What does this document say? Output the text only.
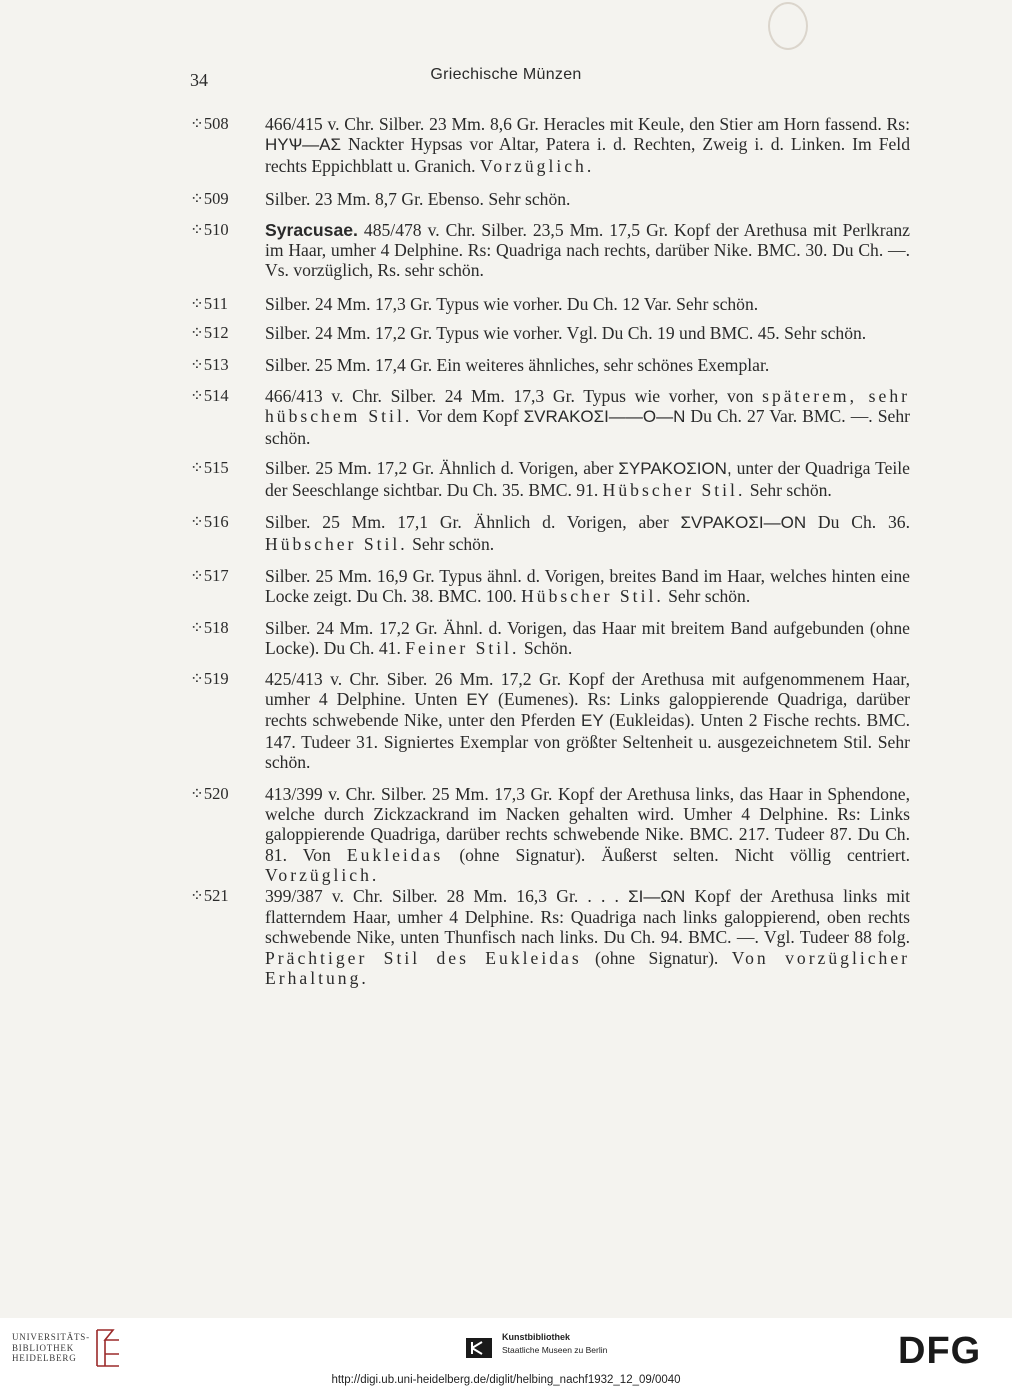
34	Griechische Münzen
⁘508 466/415 v. Chr. Silber. 23 Mm. 8,6 Gr. Heracles mit Keule, den Stier am Horn fassend. Rs: HYѰ—AΣ Nackter Hypsas vor Altar, Patera i. d. Rechten, Zweig i. d. Linken. Im Feld rechts Eppichblatt u. Granich. Vorzüglich.
⁘509 Silber. 23 Mm. 8,7 Gr. Ebenso. Sehr schön.
⁘510 Syracusae. 485/478 v. Chr. Silber. 23,5 Mm. 17,5 Gr. Kopf der Arethusa mit Perlkranz im Haar, umher 4 Delphine. Rs: Quadriga nach rechts, darüber Nike. BMC. 30. Du Ch. —. Vs. vorzüglich, Rs. sehr schön.
⁘511 Silber. 24 Mm. 17,3 Gr. Typus wie vorher. Du Ch. 12 Var. Sehr schön.
⁘512 Silber. 24 Mm. 17,2 Gr. Typus wie vorher. Vgl. Du Ch. 19 und BMC. 45. Sehr schön.
⁘513 Silber. 25 Mm. 17,4 Gr. Ein weiteres ähnliches, sehr schönes Exemplar.
⁘514 466/413 v. Chr. Silber. 24 Mm. 17,3 Gr. Typus wie vorher, von späterem, sehr hübschem Stil. Vor dem Kopf ΣVRAKOΣI——O—N Du Ch. 27 Var. BMC. —. Sehr schön.
⁘515 Silber. 25 Mm. 17,2 Gr. Ähnlich d. Vorigen, aber ΣYPAKOΣION, unter der Quadriga Teile der Seeschlange sichtbar. Du Ch. 35. BMC. 91. Hübscher Stil. Sehr schön.
⁘516 Silber. 25 Mm. 17,1 Gr. Ähnlich d. Vorigen, aber ΣVPAKOΣI—ON Du Ch. 36. Hübscher Stil. Sehr schön.
⁘517 Silber. 25 Mm. 16,9 Gr. Typus ähnl. d. Vorigen, breites Band im Haar, welches hinten eine Locke zeigt. Du Ch. 38. BMC. 100. Hübscher Stil. Sehr schön.
⁘518 Silber. 24 Mm. 17,2 Gr. Ähnl. d. Vorigen, das Haar mit breitem Band aufgebunden (ohne Locke). Du Ch. 41. Feiner Stil. Schön.
⁘519 425/413 v. Chr. Siber. 26 Mm. 17,2 Gr. Kopf der Arethusa mit aufgenommenem Haar, umher 4 Delphine. Unten EY (Eumenes). Rs: Links galoppierende Quadriga, darüber rechts schwebende Nike, unter den Pferden EY (Eukleidas). Unten 2 Fische rechts. BMC. 147. Tudeer 31. Signiertes Exemplar von größter Seltenheit u. ausgezeichnetem Stil. Sehr schön.
⁘520 413/399 v. Chr. Silber. 25 Mm. 17,3 Gr. Kopf der Arethusa links, das Haar in Sphendone, welche durch Zickzackrand im Nacken gehalten wird. Umher 4 Delphine. Rs: Links galoppierende Quadriga, darüber rechts schwebende Nike. BMC. 217. Tudeer 87. Du Ch. 81. Von Eukleidas (ohne Signatur). Äußerst selten. Nicht völlig centriert. Vorzüglich.
⁘521 399/387 v. Chr. Silber. 28 Mm. 16,3 Gr. . . . ΣI—ΩN Kopf der Arethusa links mit flatterndem Haar, umher 4 Delphine. Rs: Quadriga nach links galoppierend, oben rechts schwebende Nike, unten Thunfisch nach links. Du Ch. 94. BMC. —. Vgl. Tudeer 88 folg. Prächtiger Stil des Eukleidas (ohne Signatur). Von vorzüglicher Erhaltung.
UNIVERSITÄTS-
BIBLIOTHEK
HEIDELBERG
Kunstbibliothek
Staatliche Museen zu Berlin	DFG
http://digi.ub.uni-heidelberg.de/diglit/helbing_nachf1932_12_09/0040
